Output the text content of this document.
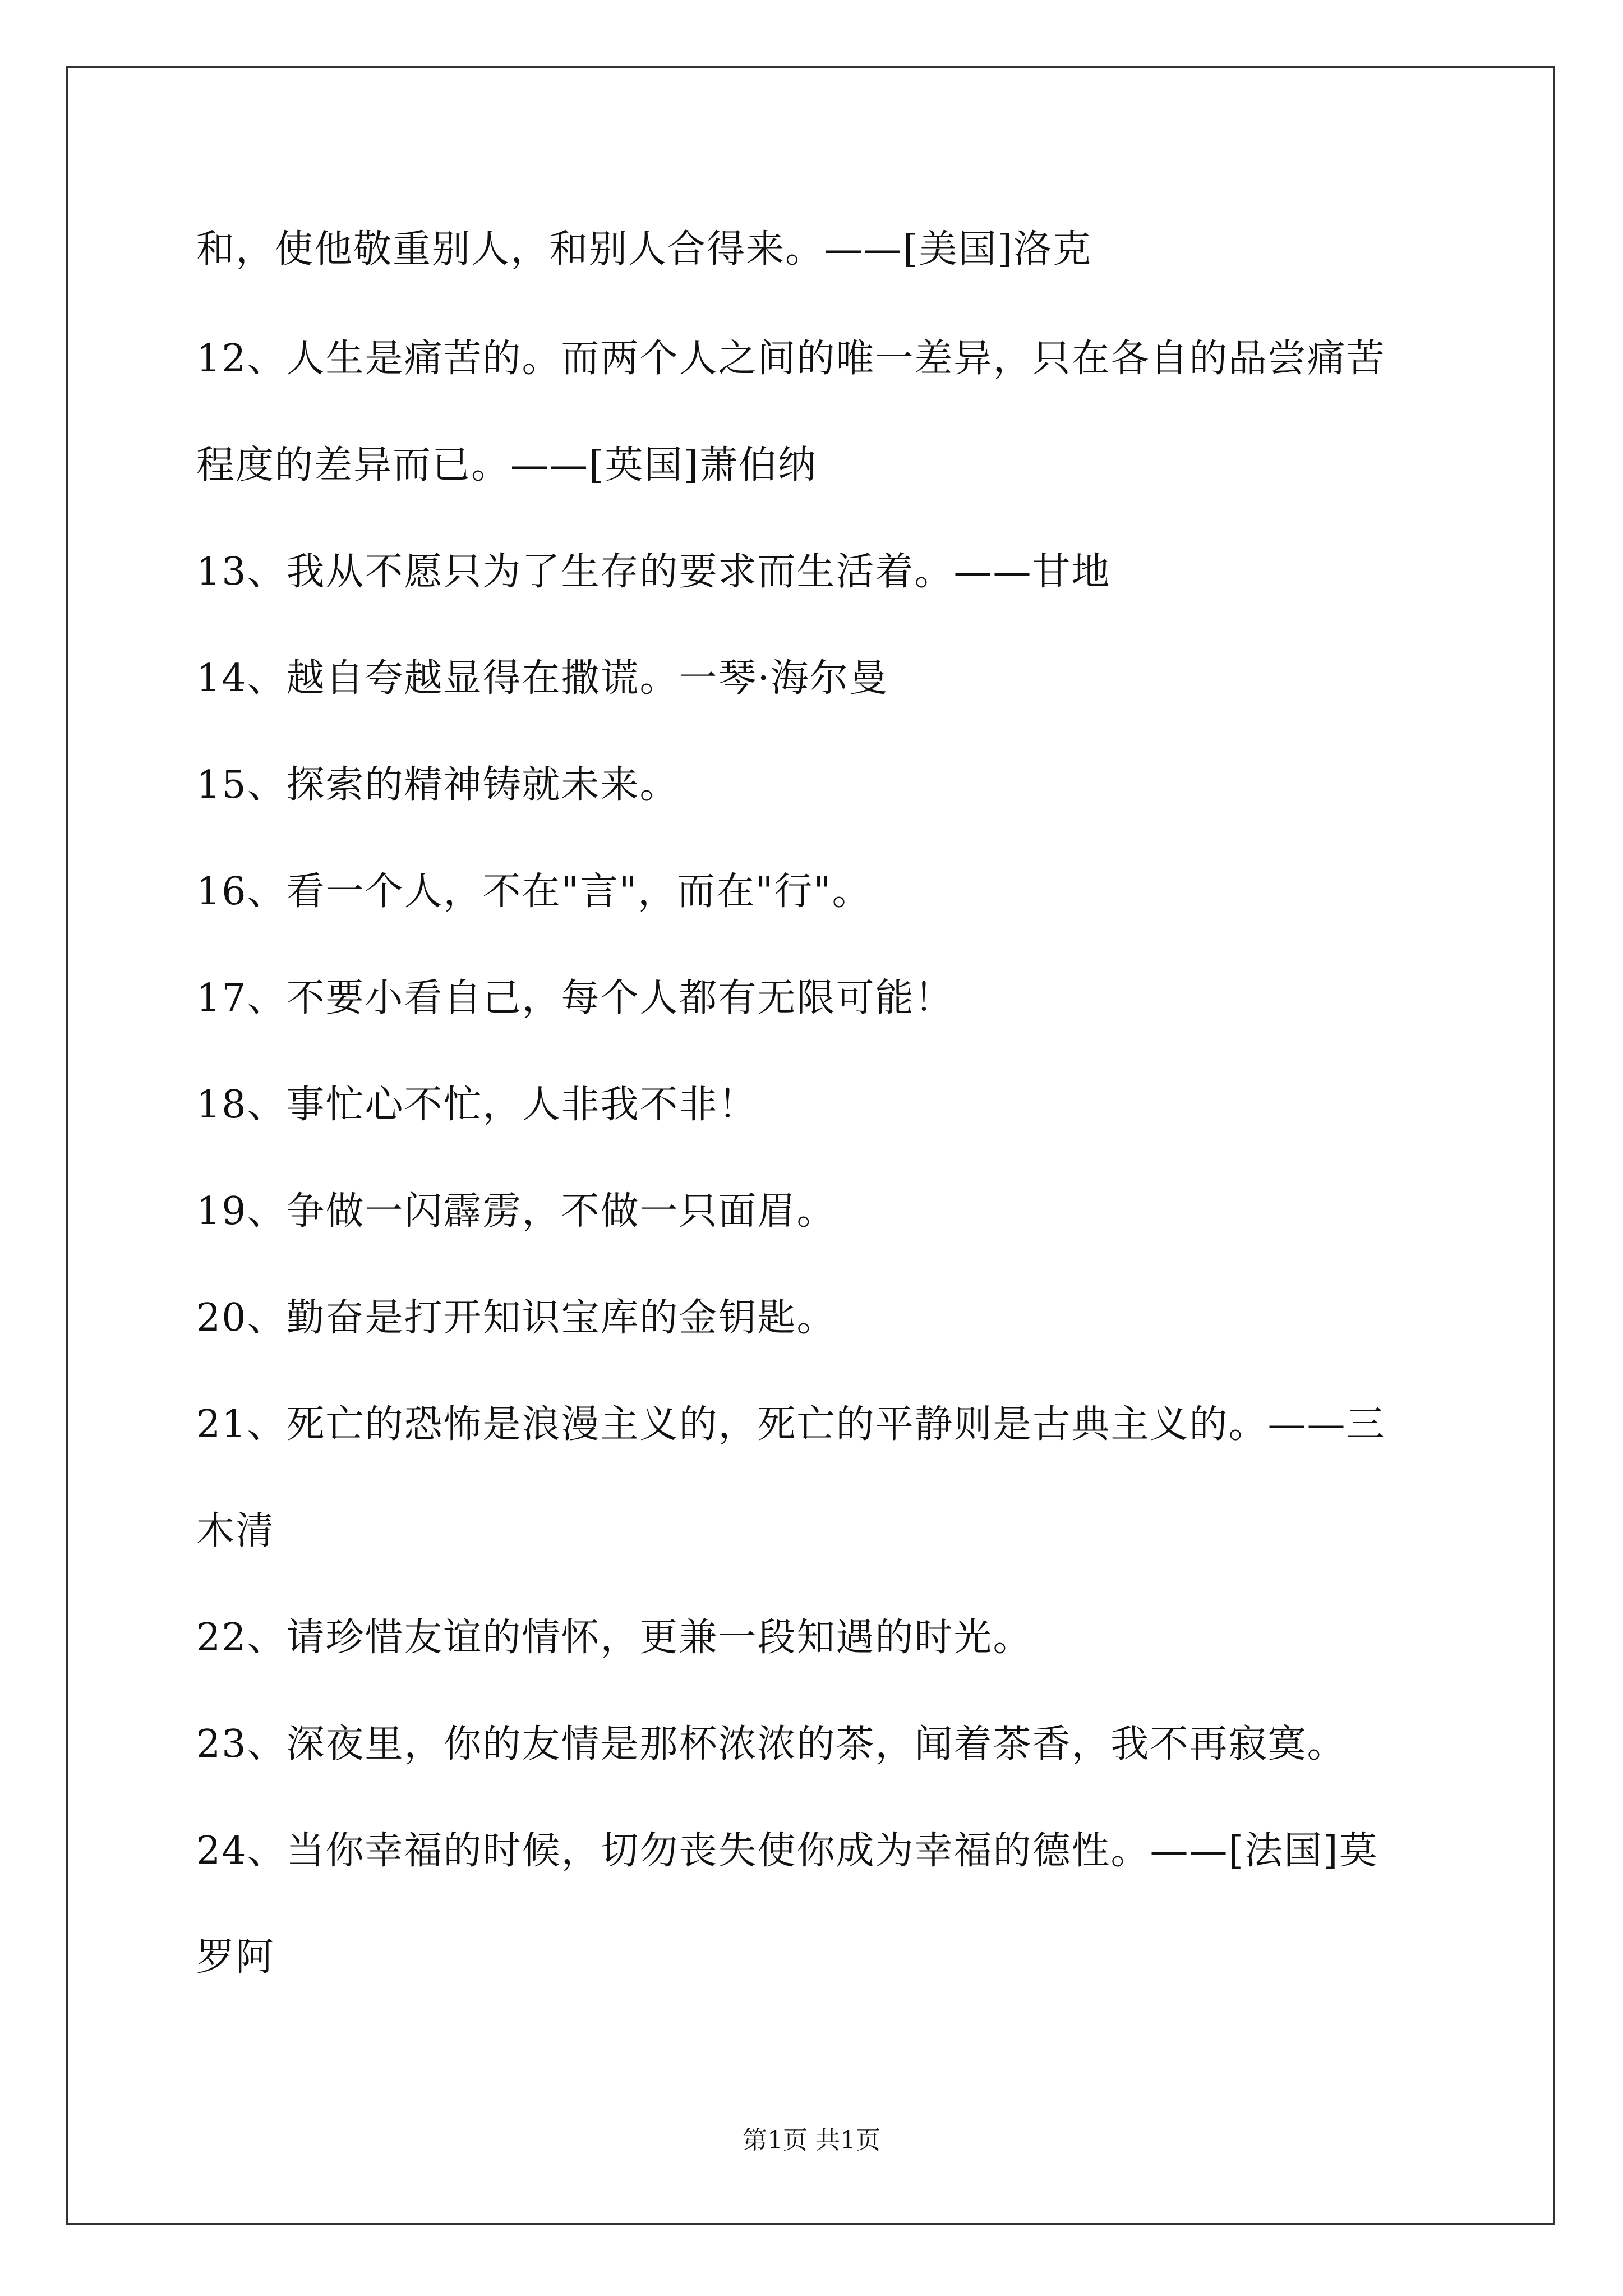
和，使他敬重别人，和别人合得来。——[美国]洛克
12、人生是痛苦的。而两个人之间的唯一差异，只在各自的品尝痛苦
程度的差异而已。——[英国]萧伯纳
13、我从不愿只为了生存的要求而生活着。——甘地
14、越自夸越显得在撒谎。一琴·海尔曼
15、探索的精神铸就未来。
16、看一个人，不在"言"，而在"行"。
17、不要小看自己，每个人都有无限可能！
18、事忙心不忙，人非我不非！
19、争做一闪霹雳，不做一只面眉。
20、勤奋是打开知识宝库的金钥匙。
21、死亡的恐怖是浪漫主义的，死亡的平静则是古典主义的。——三
木清
22、请珍惜友谊的情怀，更兼一段知遇的时光。
23、深夜里，你的友情是那杯浓浓的茶，闻着茶香，我不再寂寞。
24、当你幸福的时候，切勿丧失使你成为幸福的德性。——[法国]莫
罗阿
第1页 共1页
